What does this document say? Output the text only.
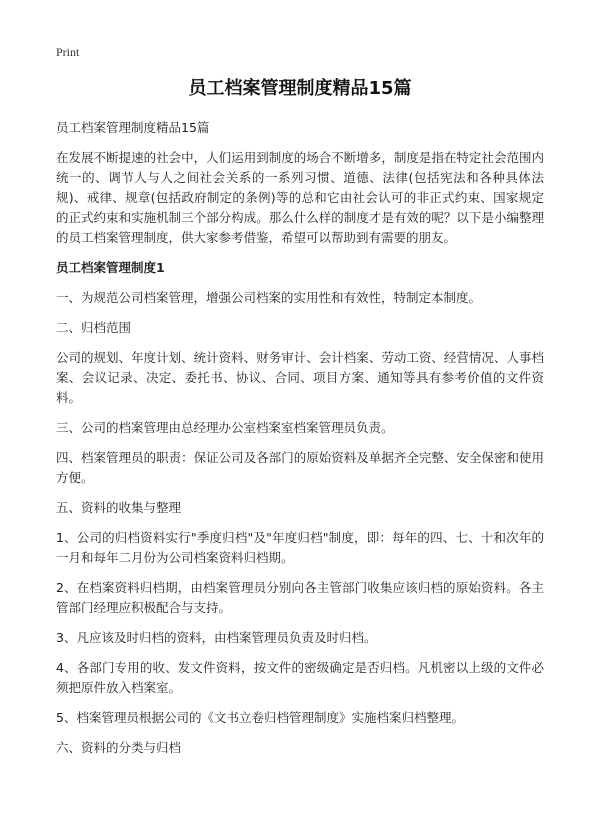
Print
员工档案管理制度精品15篇

员工档案管理制度精品15篇

在发展不断提速的社会中，人们运用到制度的场合不断增多，制度是指在特定社会范围内统一的、调节人与人之间社会关系的一系列习惯、道德、法律(包括宪法和各种具体法规)、戒律、规章(包括政府制定的条例)等的总和它由社会认可的非正式约束、国家规定的正式约束和实施机制三个部分构成。那么什么样的制度才是有效的呢？以下是小编整理的员工档案管理制度，供大家参考借鉴，希望可以帮助到有需要的朋友。

员工档案管理制度1

一、为规范公司档案管理，增强公司档案的实用性和有效性，特制定本制度。

二、归档范围

公司的规划、年度计划、统计资料、财务审计、会计档案、劳动工资、经营情况、人事档案、会议记录、决定、委托书、协议、合同、项目方案、通知等具有参考价值的文件资料。

三、公司的档案管理由总经理办公室档案室档案管理员负责。

四、档案管理员的职责：保证公司及各部门的原始资料及单据齐全完整、安全保密和使用方便。

五、资料的收集与整理

1、公司的归档资料实行"季度归档"及"年度归档"制度，即：每年的四、七、十和次年的一月和每年二月份为公司档案资料归档期。

2、在档案资料归档期，由档案管理员分别向各主管部门收集应该归档的原始资料。各主管部门经理应积极配合与支持。

3、凡应该及时归档的资料，由档案管理员负责及时归档。

4、各部门专用的收、发文件资料，按文件的密级确定是否归档。凡机密以上级的文件必须把原件放入档案室。

5、档案管理员根据公司的《文书立卷归档管理制度》实施档案归档整理。

六、资料的分类与归档
